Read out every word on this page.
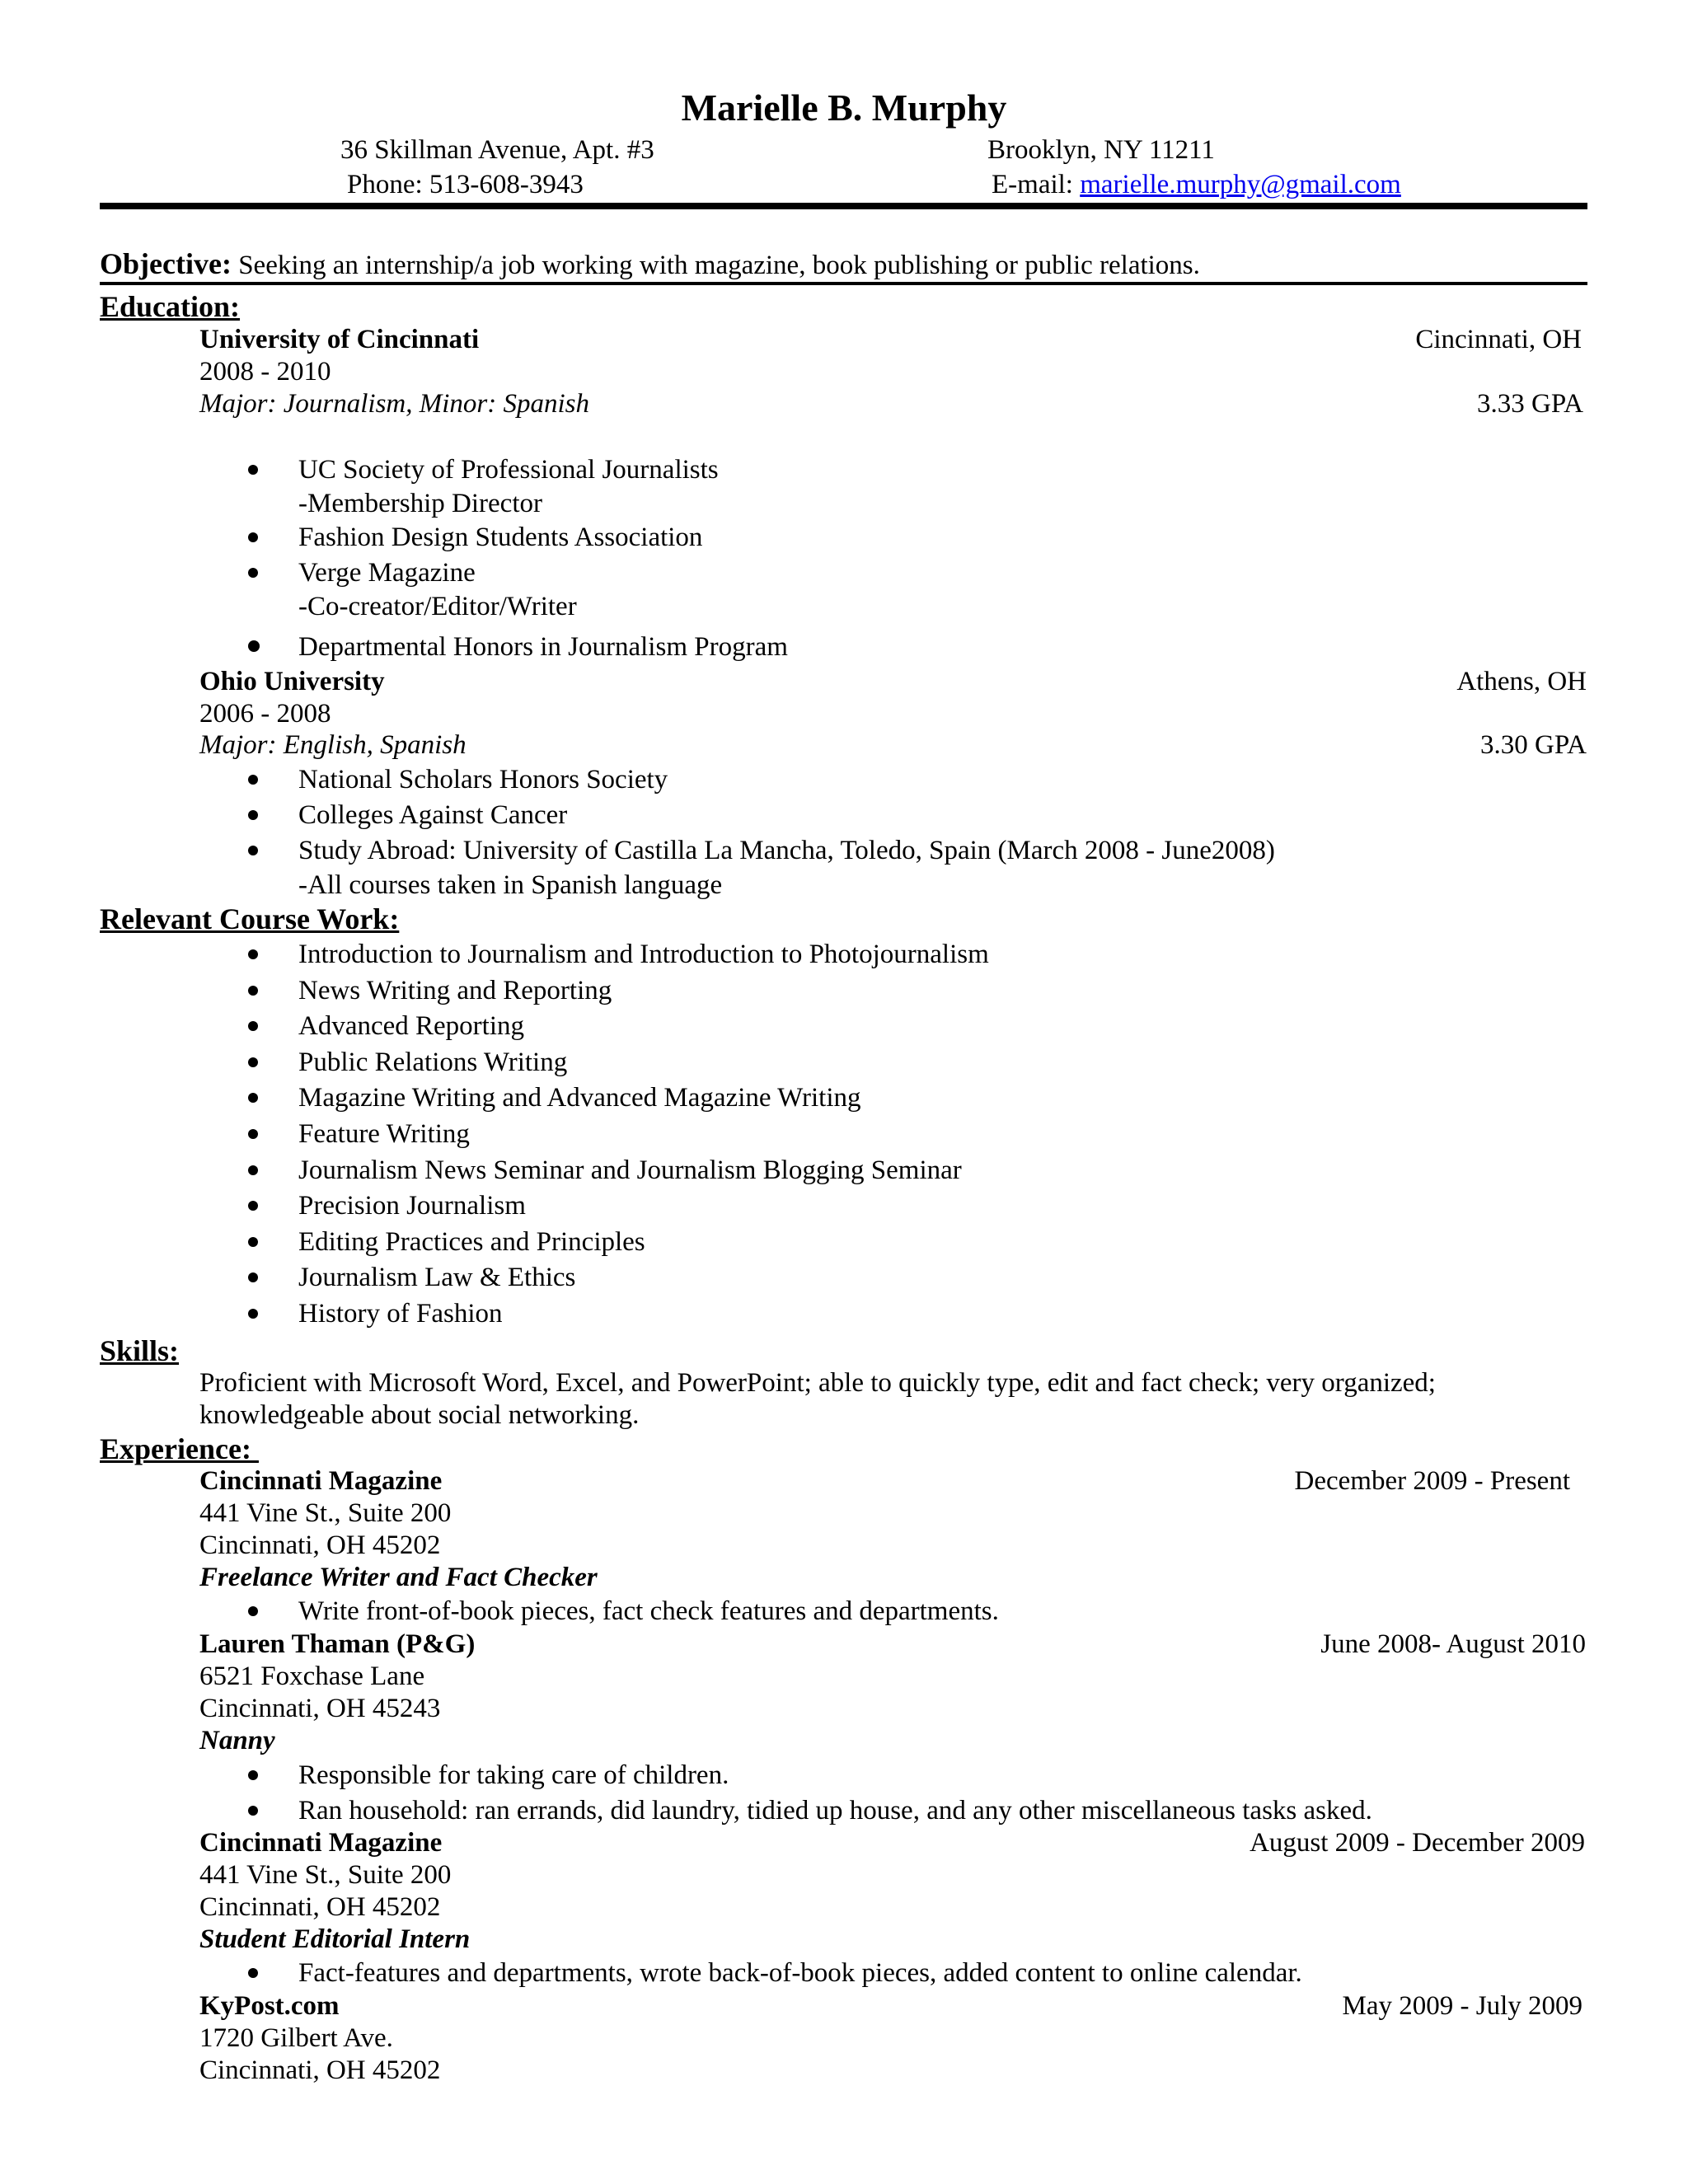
Marielle B. Murphy
36 Skillman Avenue, Apt. #3	Brooklyn, NY 11211
Phone: 513-608-3943	E-mail: marielle.murphy@gmail.com
Objective: Seeking an internship/a job working with magazine, book publishing or public relations.
Education:
University of Cincinnati	Cincinnati, OH
2008 - 2010
Major: Journalism, Minor: Spanish	3.33 GPA
UC Society of Professional Journalists
-Membership Director
Fashion Design Students Association
Verge Magazine
-Co-creator/Editor/Writer
Departmental Honors in Journalism Program
Ohio University	Athens, OH
2006 - 2008
Major: English, Spanish	3.30 GPA
National Scholars Honors Society
Colleges Against Cancer
Study Abroad: University of Castilla La Mancha, Toledo, Spain (March 2008 - June2008)
-All courses taken in Spanish language
Relevant Course Work:
Introduction to Journalism and Introduction to Photojournalism
News Writing and Reporting
Advanced Reporting
Public Relations Writing
Magazine Writing and Advanced Magazine Writing
Feature Writing
Journalism News Seminar and Journalism Blogging Seminar
Precision Journalism
Editing Practices and Principles
Journalism Law & Ethics
History of Fashion
Skills:
Proficient with Microsoft Word, Excel, and PowerPoint; able to quickly type, edit and fact check; very organized;
knowledgeable about social networking.
Experience:
Cincinnati Magazine	December 2009 - Present
441 Vine St., Suite 200
Cincinnati, OH 45202
Freelance Writer and Fact Checker
Write front-of-book pieces, fact check features and departments.
Lauren Thaman (P&G)	June 2008- August 2010
6521 Foxchase Lane
Cincinnati, OH 45243
Nanny
Responsible for taking care of children.
Ran household: ran errands, did laundry, tidied up house, and any other miscellaneous tasks asked.
Cincinnati Magazine	August 2009 - December 2009
441 Vine St., Suite 200
Cincinnati, OH 45202
Student Editorial Intern
Fact-features and departments, wrote back-of-book pieces, added content to online calendar.
KyPost.com	May 2009 - July 2009
1720 Gilbert Ave.
Cincinnati, OH 45202
